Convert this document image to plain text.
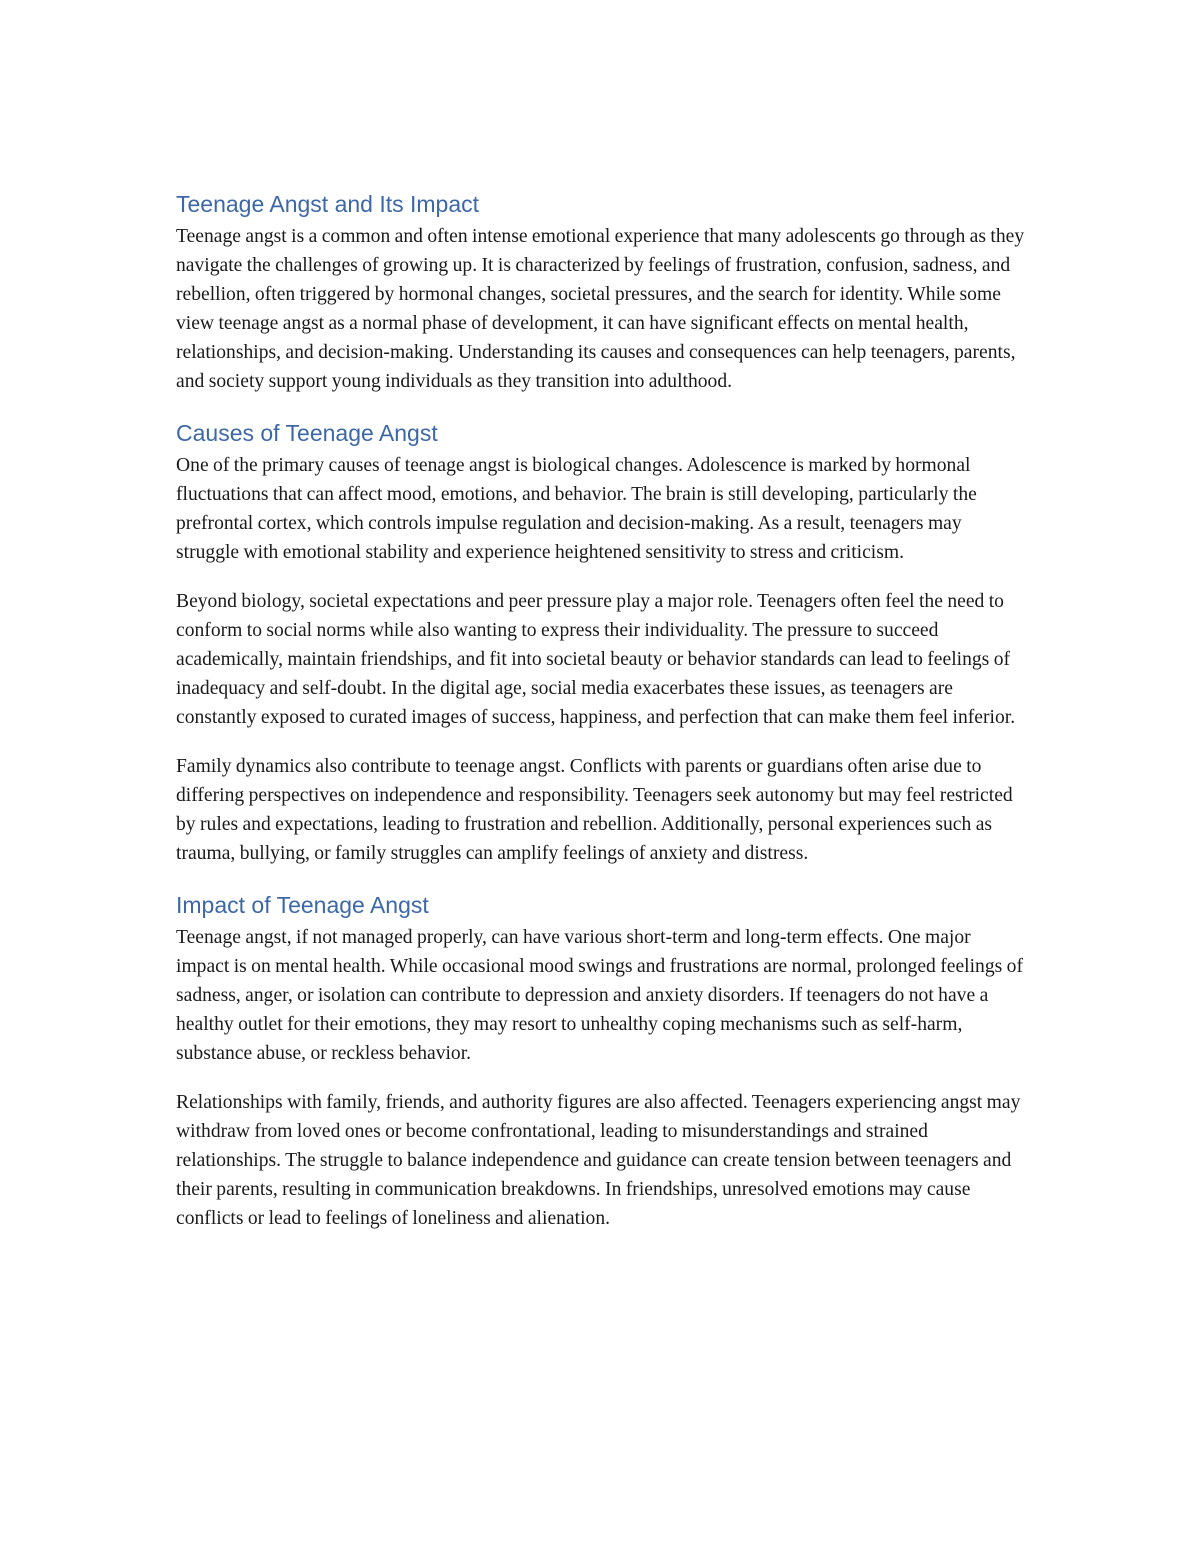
Teenage Angst and Its Impact

Teenage angst is a common and often intense emotional experience that many adolescents go through as they navigate the challenges of growing up. It is characterized by feelings of frustration, confusion, sadness, and rebellion, often triggered by hormonal changes, societal pressures, and the search for identity. While some view teenage angst as a normal phase of development, it can have significant effects on mental health, relationships, and decision-making. Understanding its causes and consequences can help teenagers, parents, and society support young individuals as they transition into adulthood.

Causes of Teenage Angst

One of the primary causes of teenage angst is biological changes. Adolescence is marked by hormonal fluctuations that can affect mood, emotions, and behavior. The brain is still developing, particularly the prefrontal cortex, which controls impulse regulation and decision-making. As a result, teenagers may struggle with emotional stability and experience heightened sensitivity to stress and criticism.

Beyond biology, societal expectations and peer pressure play a major role. Teenagers often feel the need to conform to social norms while also wanting to express their individuality. The pressure to succeed academically, maintain friendships, and fit into societal beauty or behavior standards can lead to feelings of inadequacy and self-doubt. In the digital age, social media exacerbates these issues, as teenagers are constantly exposed to curated images of success, happiness, and perfection that can make them feel inferior.

Family dynamics also contribute to teenage angst. Conflicts with parents or guardians often arise due to differing perspectives on independence and responsibility. Teenagers seek autonomy but may feel restricted by rules and expectations, leading to frustration and rebellion. Additionally, personal experiences such as trauma, bullying, or family struggles can amplify feelings of anxiety and distress.

Impact of Teenage Angst

Teenage angst, if not managed properly, can have various short-term and long-term effects. One major impact is on mental health. While occasional mood swings and frustrations are normal, prolonged feelings of sadness, anger, or isolation can contribute to depression and anxiety disorders. If teenagers do not have a healthy outlet for their emotions, they may resort to unhealthy coping mechanisms such as self-harm, substance abuse, or reckless behavior.

Relationships with family, friends, and authority figures are also affected. Teenagers experiencing angst may withdraw from loved ones or become confrontational, leading to misunderstandings and strained relationships. The struggle to balance independence and guidance can create tension between teenagers and their parents, resulting in communication breakdowns. In friendships, unresolved emotions may cause conflicts or lead to feelings of loneliness and alienation.
